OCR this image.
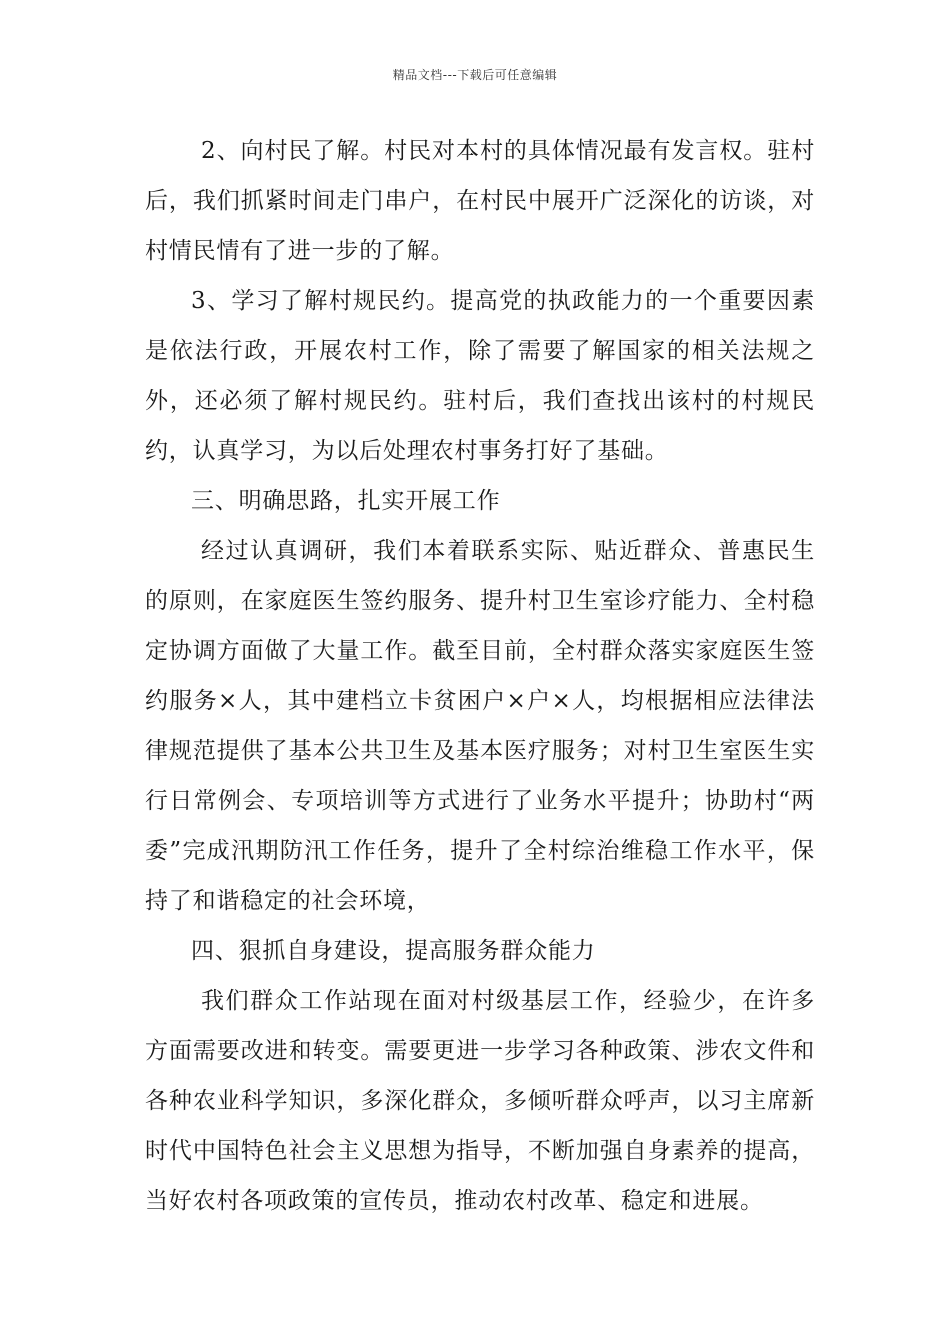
精品文档---下载后可任意编辑

2、向村民了解。村民对本村的具体情况最有发言权。驻村后，我们抓紧时间走门串户，在村民中展开广泛深化的访谈，对村情民情有了进一步的了解。

3、学习了解村规民约。提高党的执政能力的一个重要因素是依法行政，开展农村工作，除了需要了解国家的相关法规之外，还必须了解村规民约。驻村后，我们查找出该村的村规民约，认真学习，为以后处理农村事务打好了基础。

三、明确思路，扎实开展工作

经过认真调研，我们本着联系实际、贴近群众、普惠民生的原则，在家庭医生签约服务、提升村卫生室诊疗能力、全村稳定协调方面做了大量工作。截至目前，全村群众落实家庭医生签约服务×人，其中建档立卡贫困户×户×人，均根据相应法律法律规范提供了基本公共卫生及基本医疗服务；对村卫生室医生实行日常例会、专项培训等方式进行了业务水平提升；协助村“两委”完成汛期防汛工作任务，提升了全村综治维稳工作水平，保持了和谐稳定的社会环境，

四、狠抓自身建设，提高服务群众能力

我们群众工作站现在面对村级基层工作，经验少，在许多方面需要改进和转变。需要更进一步学习各种政策、涉农文件和各种农业科学知识，多深化群众，多倾听群众呼声，以习主席新时代中国特色社会主义思想为指导，不断加强自身素养的提高，当好农村各项政策的宣传员，推动农村改革、稳定和进展。
